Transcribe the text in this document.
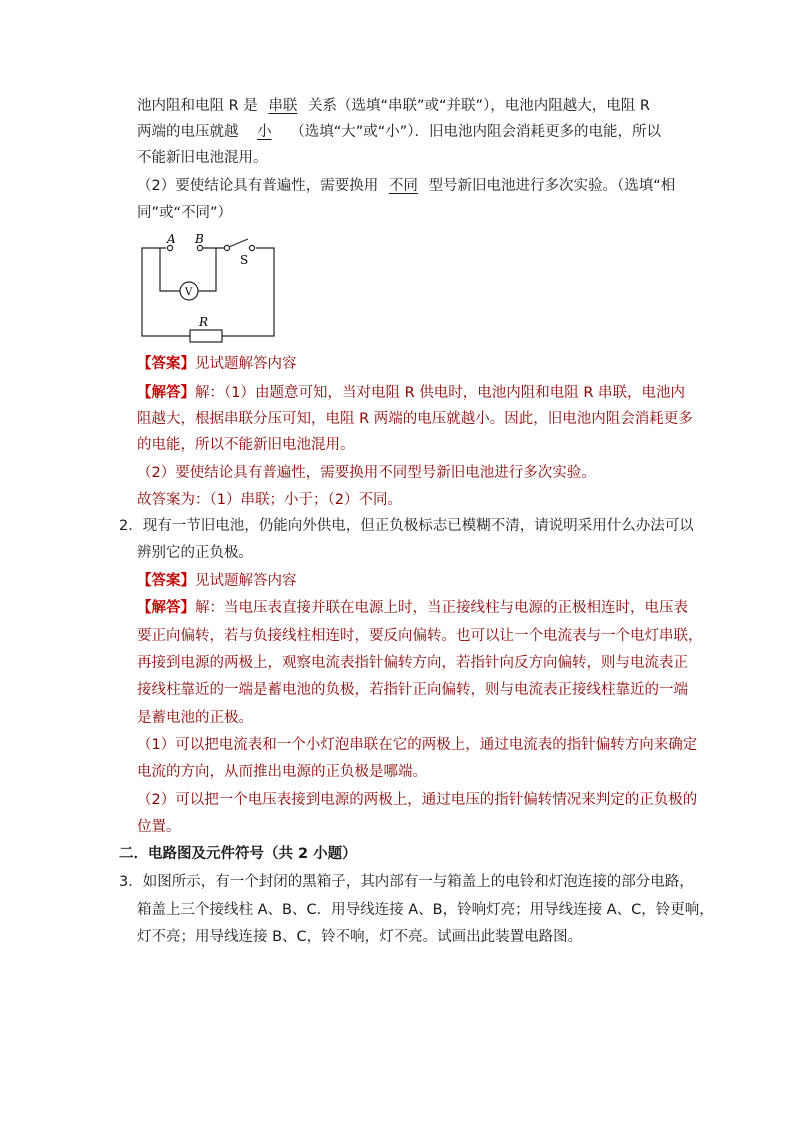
池内阻和电阻 R 是 串联 关系（选填“串联”或“并联”），电池内阻越大，电阻 R
两端的电压就越 小 （选填“大”或“小”）．旧电池内阻会消耗更多的电能，所以
不能新旧电池混用。
（2）要使结论具有普遍性，需要换用 不同 型号新旧电池进行多次实验。（选填“相
同”或“不同”）
A B
S
V
R
【答案】见试题解答内容
【解答】解：（1）由题意可知，当对电阻 R 供电时，电池内阻和电阻 R 串联，电池内
阻越大，根据串联分压可知，电阻 R 两端的电压就越小。因此，旧电池内阻会消耗更多
的电能，所以不能新旧电池混用。
（2）要使结论具有普遍性，需要换用不同型号新旧电池进行多次实验。
故答案为：（1）串联；小于；（2）不同。
2．现有一节旧电池，仍能向外供电，但正负极标志已模糊不清，请说明采用什么办法可以
辨别它的正负极。
【答案】见试题解答内容
【解答】解：当电压表直接并联在电源上时，当正接线柱与电源的正极相连时，电压表
要正向偏转，若与负接线柱相连时，要反向偏转。也可以让一个电流表与一个电灯串联，
再接到电源的两极上，观察电流表指针偏转方向，若指针向反方向偏转，则与电流表正
接线柱靠近的一端是蓄电池的负极，若指针正向偏转，则与电流表正接线柱靠近的一端
是蓄电池的正极。
（1）可以把电流表和一个小灯泡串联在它的两极上，通过电流表的指针偏转方向来确定
电流的方向，从而推出电源的正负极是哪端。
（2）可以把一个电压表接到电源的两极上，通过电压的指针偏转情况来判定的正负极的
位置。
二．电路图及元件符号（共 2 小题）
3．如图所示，有一个封闭的黑箱子，其内部有一与箱盖上的电铃和灯泡连接的部分电路，
箱盖上三个接线柱 A、B、C．用导线连接 A、B，铃响灯亮；用导线连接 A、C，铃更响，
灯不亮；用导线连接 B、C，铃不响，灯不亮。试画出此装置电路图。
